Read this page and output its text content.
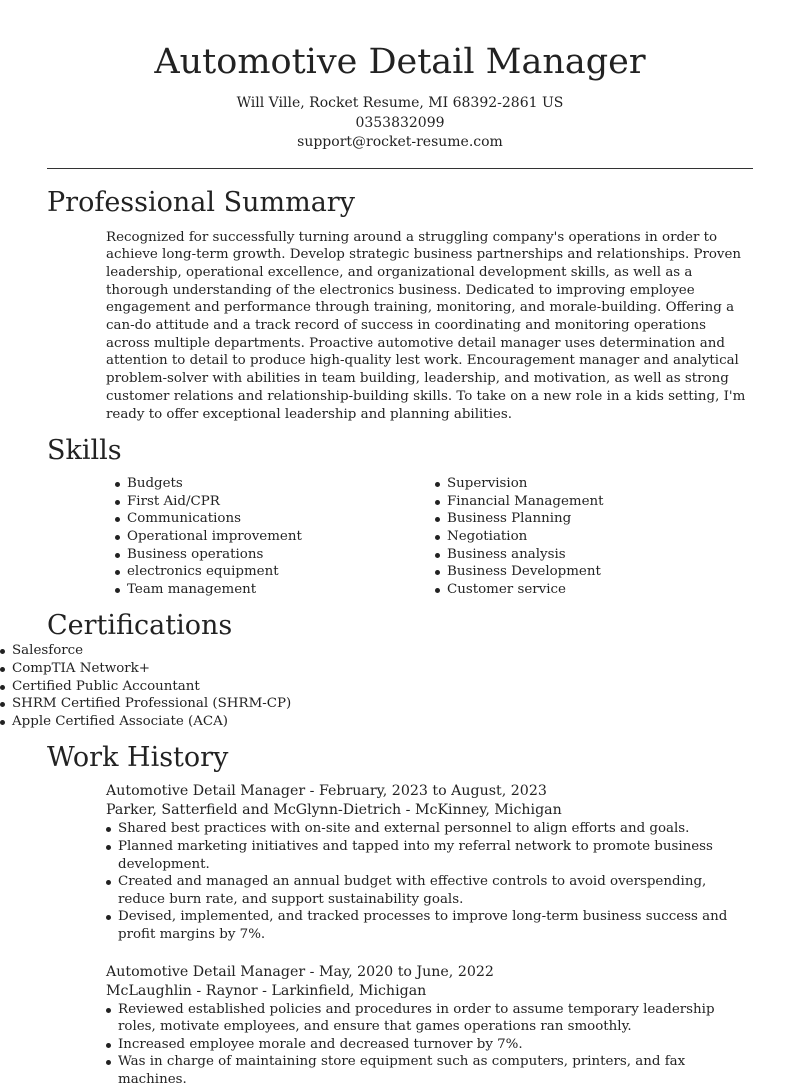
Automotive Detail Manager
Will Ville, Rocket Resume, MI 68392-2861 US
0353832099
support@rocket-resume.com
Professional Summary
Recognized for successfully turning around a struggling company's operations in order to achieve long-term growth. Develop strategic business partnerships and relationships. Proven leadership, operational excellence, and organizational development skills, as well as a thorough understanding of the electronics business. Dedicated to improving employee engagement and performance through training, monitoring, and morale-building. Offering a can-do attitude and a track record of success in coordinating and monitoring operations across multiple departments. Proactive automotive detail manager uses determination and attention to detail to produce high-quality lest work. Encouragement manager and analytical problem-solver with abilities in team building, leadership, and motivation, as well as strong customer relations and relationship-building skills. To take on a new role in a kids setting, I'm ready to offer exceptional leadership and planning abilities.
Skills
Budgets
First Aid/CPR
Communications
Operational improvement
Business operations
electronics equipment
Team management
Supervision
Financial Management
Business Planning
Negotiation
Business analysis
Business Development
Customer service
Certifications
Salesforce
CompTIA Network+
Certified Public Accountant
SHRM Certified Professional (SHRM-CP)
Apple Certified Associate (ACA)
Work History
Automotive Detail Manager - February, 2023 to August, 2023
Parker, Satterfield and McGlynn-Dietrich - McKinney, Michigan
Shared best practices with on-site and external personnel to align efforts and goals.
Planned marketing initiatives and tapped into my referral network to promote business development.
Created and managed an annual budget with effective controls to avoid overspending, reduce burn rate, and support sustainability goals.
Devised, implemented, and tracked processes to improve long-term business success and profit margins by 7%.
Automotive Detail Manager - May, 2020 to June, 2022
McLaughlin - Raynor - Larkinfield, Michigan
Reviewed established policies and procedures in order to assume temporary leadership roles, motivate employees, and ensure that games operations ran smoothly.
Increased employee morale and decreased turnover by 7%.
Was in charge of maintaining store equipment such as computers, printers, and fax machines.
